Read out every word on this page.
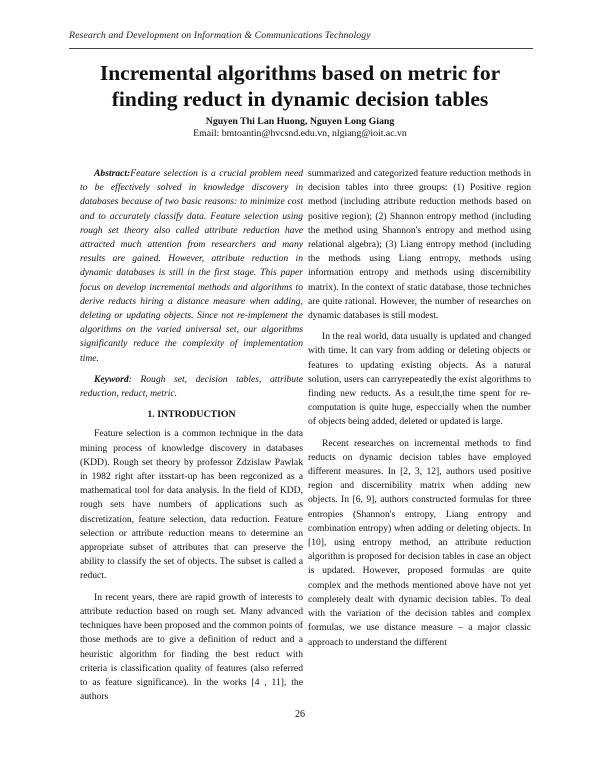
Research and Development on Information & Communications Technology
Incremental algorithms based on metric for
finding reduct in dynamic decision tables
Nguyen Thi Lan Huong, Nguyen Long Giang
Email: bmtoantin@hvcsnd.edu.vn, nlgiang@ioit.ac.vn

Abstract:Feature selection is a crucial problem need to be effectively solved in knowledge discovery in databases because of two basic reasons: to minimize cost and to accurately classify data. Feature selection using rough set theory also called attribute reduction have attracted much attention from researchers and many results are gained. However, attribute reduction in dynamic databases is still in the first stage. This paper focus on develop incremental methods and algorithms to derive reducts hiring a distance measure when adding, deleting or updating objects. Since not re-implement the algorithms on the varied universal set, our algorithms significantly reduce the complexity of implementation time.

Keyword: Rough set, decision tables, attribute reduction, reduct, metric.

1. INTRODUCTION

Feature selection is a common technique in the data mining process of knowledge discovery in databases (KDD). Rough set theory by professor Zdzislaw Pawlak in 1982 right after itsstart-up has been regconized as a mathematical tool for data analysis. In the field of KDD, rough sets have numbers of applications such as discretization, feature selection, data reduction. Feature selection or attribute reduction means to determine an appropriate subset of attributes that can preserve the ability to classify the set of objects. The subset is called a reduct.

In recent years, there are rapid growth of interests to attribute reduction based on rough set. Many advanced techniques have been proposed and the common points of those methods are to give a definition of reduct and a heuristic algorithm for finding the best reduct with criteria is classification quality of features (also referred to as feature significance). In the works [4 , 11], the authors

summarized and categorized feature reduction methods in decision tables into three groups: (1) Positive region method (including attribute reduction methods based on positive region); (2) Shannon entropy method (including the method using Shannon's entropy and method using relational algebra); (3) Liang entropy method (including the methods using Liang entropy, methods using information entropy and methods using discernibility matrix). In the context of static database, those techniches are quite rational. However, the number of researches on dynamic databases is still modest.

In the real world, data usually is updated and changed with time. It can vary from adding or deleting objects or features to updating existing objects. As a natural solution, users can carryrepeatedly the exist algorithms to finding new reducts. As a result,the time spent for re-computation is quite huge, especcially when the number of objects being added, deleted or updated is large.

Recent researches on incremental methods to find reducts on dynamic decision tables have employed different measures. In [2, 3, 12], authors used positive region and discernibility matrix when adding new objects. In [6, 9], authors constructed formulas for three entropies (Shannon's entropy, Liang entropy and combination entropy) when adding or deleting objects. In [10], using entropy method, an attribute reduction algorithm is proposed for decision tables in case an object is updated. However, proposed formulas are quite complex and the methods mentioned above have not yet completely dealt with dynamic decision tables. To deal with the variation of the decision tables and complex formulas, we use distance measure – a major classic approach to understand the different

26
